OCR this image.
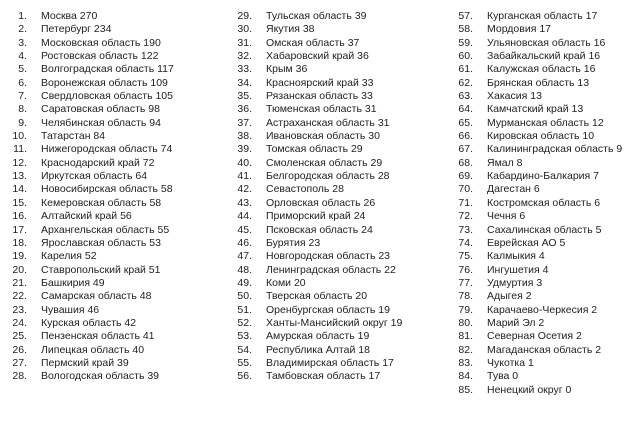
1.	Москва 270
2.	Петербург 234
3.	Московская область 190
4.	Ростовская область 122
5.	Волгоградская область 117
6.	Воронежская область 109
7.	Свердловская область 105
8.	Саратовская область 98
9.	Челябинская область 94
10.	Татарстан 84
11.	Нижегородская область 74
12.	Краснодарский край 72
13.	Иркутская область 64
14.	Новосибирская область 58
15.	Кемеровская область 58
16.	Алтайский край 56
17.	Архангельская область 55
18.	Ярославская область 53
19.	Карелия 52
20.	Ставропольский край 51
21.	Башкирия 49
22.	Самарская область 48
23.	Чувашия 46
24.	Курская область 42
25.	Пензенская область 41
26.	Липецкая область 40
27.	Пермский край 39
28.	Вологодская область 39
29.	Тульская область 39
30.	Якутия 38
31.	Омская область 37
32.	Хабаровский край 36
33.	Крым 36
34.	Красноярский край 33
35.	Рязанская область 33
36.	Тюменская область 31
37.	Астраханская область 31
38.	Ивановская область 30
39.	Томская область 29
40.	Смоленская область 29
41.	Белгородская область 28
42.	Севастополь 28
43.	Орловская область 26
44.	Приморский край 24
45.	Псковская область 24
46.	Бурятия 23
47.	Новгородская область 23
48.	Ленинградская область 22
49.	Коми 20
50.	Тверская область 20
51.	Оренбургская область 19
52.	Ханты-Мансийский округ 19
53.	Амурская область 19
54.	Республика Алтай 18
55.	Владимирская область 17
56.	Тамбовская область 17
57.	Курганская область 17
58.	Мордовия 17
59.	Ульяновская область 16
60.	Забайкальский край 16
61.	Калужская область 16
62.	Брянская область 13
63.	Хакасия 13
64.	Камчатский край 13
65.	Мурманская область 12
66.	Кировская область 10
67.	Калининградская область 9
68.	Ямал 8
69.	Кабардино-Балкария 7
70.	Дагестан 6
71.	Костромская область 6
72.	Чечня 6
73.	Сахалинская область 5
74.	Еврейская АО 5
75.	Калмыкия 4
76.	Ингушетия 4
77.	Удмуртия 3
78.	Адыгея 2
79.	Карачаево-Черкесия 2
80.	Марий Эл 2
81.	Северная Осетия 2
82.	Магаданская область 2
83.	Чукотка 1
84.	Тува 0
85.	Ненецкий округ 0
